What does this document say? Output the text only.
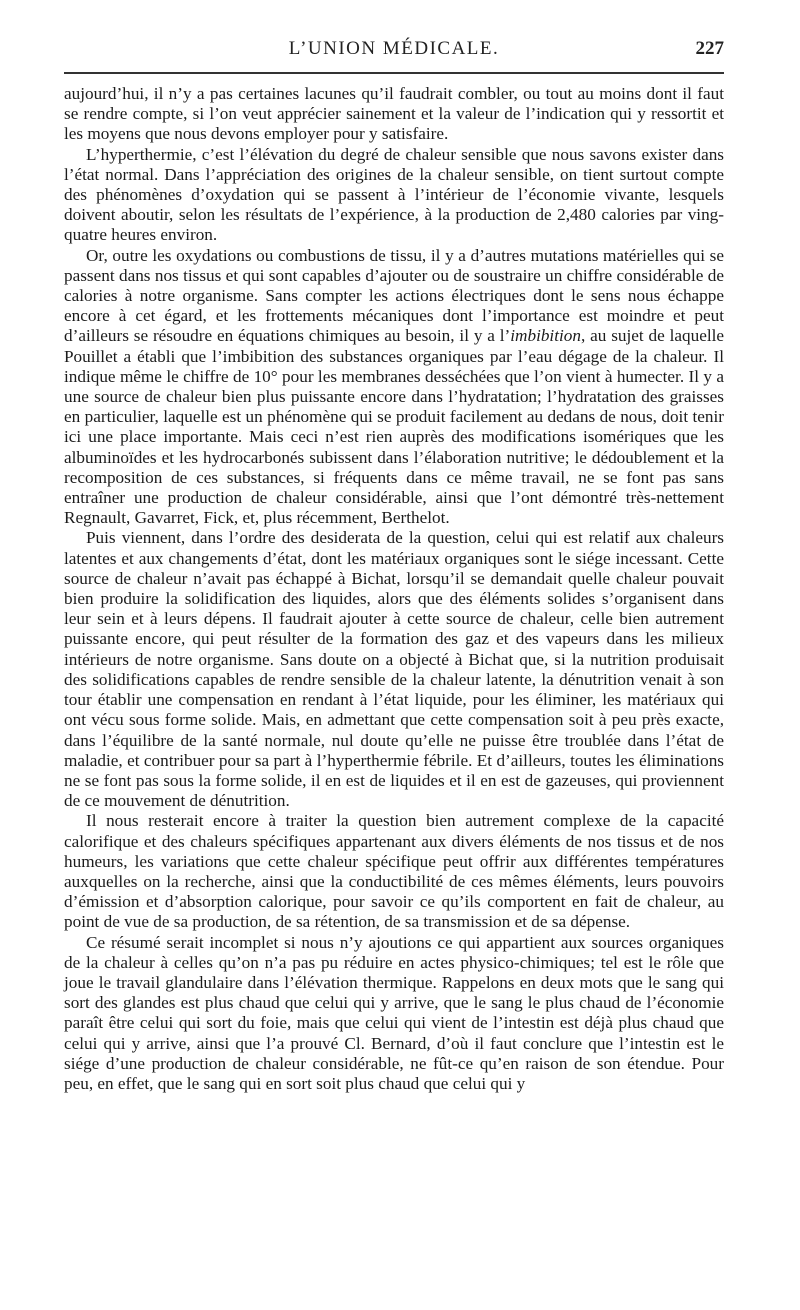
L’UNION MÉDICALE.	227

aujourd’hui, il n’y a pas certaines lacunes qu’il faudrait combler, ou tout au moins dont il faut se rendre compte, si l’on veut apprécier sainement et la valeur de l’indication qui y ressortit et les moyens que nous devons employer pour y satisfaire.

L’hyperthermie, c’est l’élévation du degré de chaleur sensible que nous savons exister dans l’état normal. Dans l’appréciation des origines de la chaleur sensible, on tient surtout compte des phénomènes d’oxydation qui se passent à l’intérieur de l’économie vivante, lesquels doivent aboutir, selon les résultats de l’expérience, à la production de 2,480 calories par ving-quatre heures environ.

Or, outre les oxydations ou combustions de tissu, il y a d’autres mutations matérielles qui se passent dans nos tissus et qui sont capables d’ajouter ou de soustraire un chiffre considérable de calories à notre organisme. Sans compter les actions électriques dont le sens nous échappe encore à cet égard, et les frottements mécaniques dont l’importance est moindre et peut d’ailleurs se résoudre en équations chimiques au besoin, il y a l’imbibition, au sujet de laquelle Pouillet a établi que l’imbibition des substances organiques par l’eau dégage de la chaleur. Il indique même le chiffre de 10° pour les membranes desséchées que l’on vient à humecter. Il y a une source de chaleur bien plus puissante encore dans l’hydratation; l’hydratation des graisses en particulier, laquelle est un phénomène qui se produit facilement au dedans de nous, doit tenir ici une place importante. Mais ceci n’est rien auprès des modifications isomériques que les albuminoïdes et les hydrocarbonés subissent dans l’élaboration nutritive; le dédoublement et la recomposition de ces substances, si fréquents dans ce même travail, ne se font pas sans entraîner une production de chaleur considérable, ainsi que l’ont démontré très-nettement Regnault, Gavarret, Fick, et, plus récemment, Berthelot.

Puis viennent, dans l’ordre des desiderata de la question, celui qui est relatif aux chaleurs latentes et aux changements d’état, dont les matériaux organiques sont le siége incessant. Cette source de chaleur n’avait pas échappé à Bichat, lorsqu’il se demandait quelle chaleur pouvait bien produire la solidification des liquides, alors que des éléments solides s’organisent dans leur sein et à leurs dépens. Il faudrait ajouter à cette source de chaleur, celle bien autrement puissante encore, qui peut résulter de la formation des gaz et des vapeurs dans les milieux intérieurs de notre organisme. Sans doute on a objecté à Bichat que, si la nutrition produisait des solidifications capables de rendre sensible de la chaleur latente, la dénutrition venait à son tour établir une compensation en rendant à l’état liquide, pour les éliminer, les matériaux qui ont vécu sous forme solide. Mais, en admettant que cette compensation soit à peu près exacte, dans l’équilibre de la santé normale, nul doute qu’elle ne puisse être troublée dans l’état de maladie, et contribuer pour sa part à l’hyperthermie fébrile. Et d’ailleurs, toutes les éliminations ne se font pas sous la forme solide, il en est de liquides et il en est de gazeuses, qui proviennent de ce mouvement de dénutrition.

Il nous resterait encore à traiter la question bien autrement complexe de la capacité calorifique et des chaleurs spécifiques appartenant aux divers éléments de nos tissus et de nos humeurs, les variations que cette chaleur spécifique peut offrir aux différentes températures auxquelles on la recherche, ainsi que la conductibilité de ces mêmes éléments, leurs pouvoirs d’émission et d’absorption calorique, pour savoir ce qu’ils comportent en fait de chaleur, au point de vue de sa production, de sa rétention, de sa transmission et de sa dépense.

Ce résumé serait incomplet si nous n’y ajoutions ce qui appartient aux sources organiques de la chaleur à celles qu’on n’a pas pu réduire en actes physico-chimiques; tel est le rôle que joue le travail glandulaire dans l’élévation thermique. Rappelons en deux mots que le sang qui sort des glandes est plus chaud que celui qui y arrive, que le sang le plus chaud de l’économie paraît être celui qui sort du foie, mais que celui qui vient de l’intestin est déjà plus chaud que celui qui y arrive, ainsi que l’a prouvé Cl. Bernard, d’où il faut conclure que l’intestin est le siége d’une production de chaleur considérable, ne fût-ce qu’en raison de son étendue. Pour peu, en effet, que le sang qui en sort soit plus chaud que celui qui y
